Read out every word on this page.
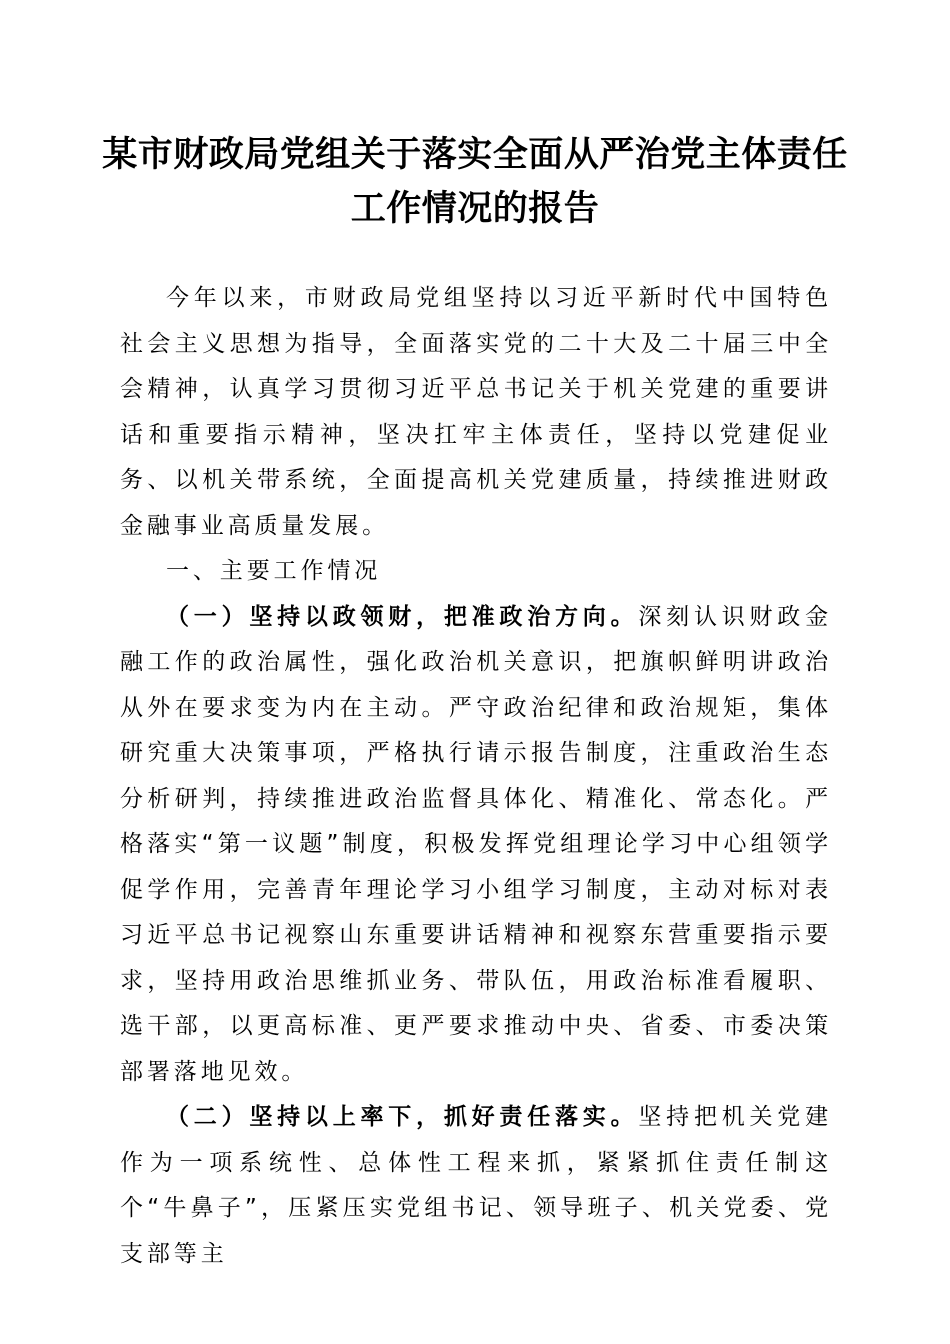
某市财政局党组关于落实全面从严治党主体责任工作情况的报告

今年以来，市财政局党组坚持以习近平新时代中国特色社会主义思想为指导，全面落实党的二十大及二十届三中全会精神，认真学习贯彻习近平总书记关于机关党建的重要讲话和重要指示精神，坚决扛牢主体责任，坚持以党建促业务、以机关带系统，全面提高机关党建质量，持续推进财政金融事业高质量发展。

一、主要工作情况

（一）坚持以政领财，把准政治方向。深刻认识财政金融工作的政治属性，强化政治机关意识，把旗帜鲜明讲政治从外在要求变为内在主动。严守政治纪律和政治规矩，集体研究重大决策事项，严格执行请示报告制度，注重政治生态分析研判，持续推进政治监督具体化、精准化、常态化。严格落实“第一议题”制度，积极发挥党组理论学习中心组领学促学作用，完善青年理论学习小组学习制度，主动对标对表习近平总书记视察山东重要讲话精神和视察东营重要指示要求，坚持用政治思维抓业务、带队伍，用政治标准看履职、选干部，以更高标准、更严要求推动中央、省委、市委决策部署落地见效。

（二）坚持以上率下，抓好责任落实。坚持把机关党建作为一项系统性、总体性工程来抓，紧紧抓住责任制这个“牛鼻子”，压紧压实党组书记、领导班子、机关党委、党支部等主
